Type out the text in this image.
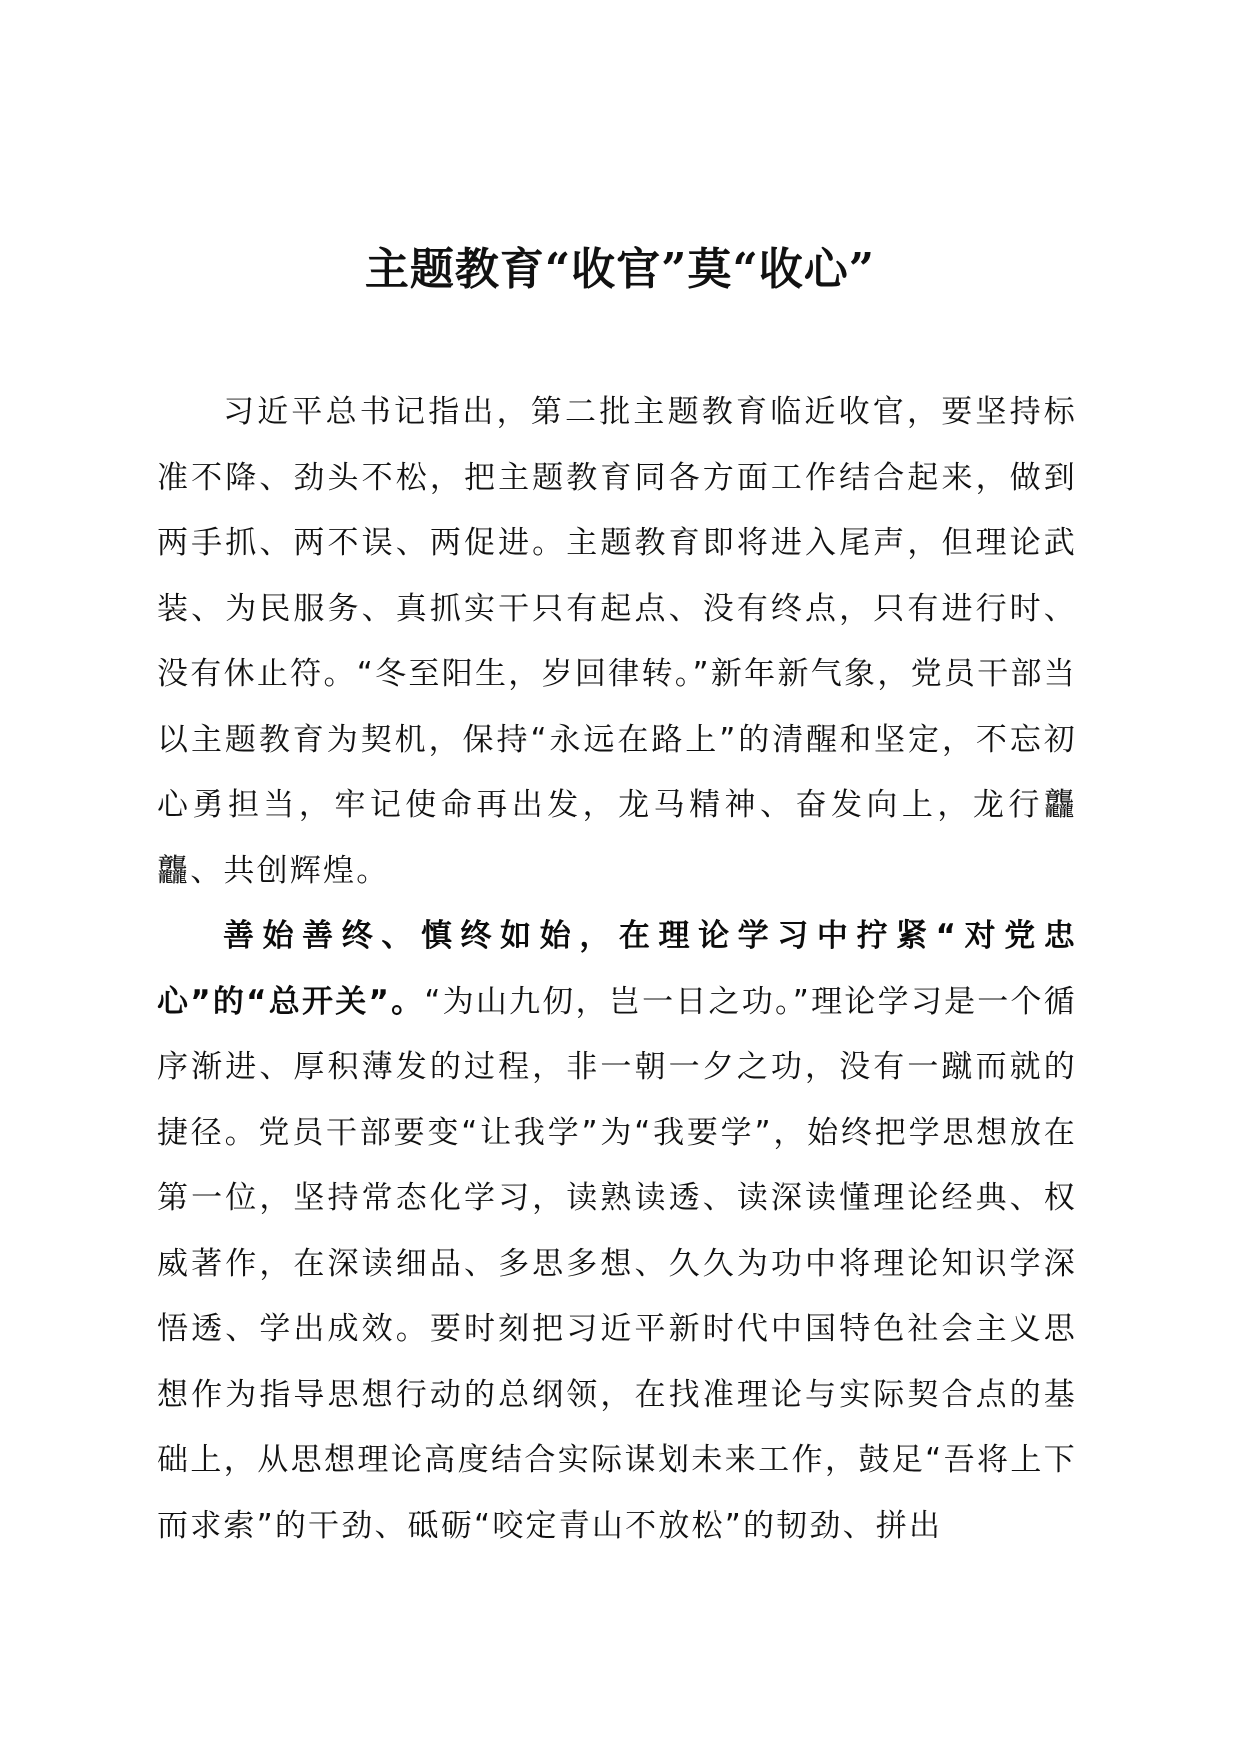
主题教育“收官”莫“收心”

习近平总书记指出，第二批主题教育临近收官，要坚持标准不降、劲头不松，把主题教育同各方面工作结合起来，做到两手抓、两不误、两促进。主题教育即将进入尾声，但理论武装、为民服务、真抓实干只有起点、没有终点，只有进行时、没有休止符。“冬至阳生，岁回律转。”新年新气象，党员干部当以主题教育为契机，保持“永远在路上”的清醒和坚定，不忘初心勇担当，牢记使命再出发，龙马精神、奋发向上，龙行龘龘、共创辉煌。

善始善终、慎终如始，在理论学习中拧紧“对党忠心”的“总开关”。“为山九仞，岂一日之功。”理论学习是一个循序渐进、厚积薄发的过程，非一朝一夕之功，没有一蹴而就的捷径。党员干部要变“让我学”为“我要学”，始终把学思想放在第一位，坚持常态化学习，读熟读透、读深读懂理论经典、权威著作，在深读细品、多思多想、久久为功中将理论知识学深悟透、学出成效。要时刻把习近平新时代中国特色社会主义思想作为指导思想行动的总纲领，在找准理论与实际契合点的基础上，从思想理论高度结合实际谋划未来工作，鼓足“吾将上下而求索”的干劲、砥砺“咬定青山不放松”的韧劲、拼出
